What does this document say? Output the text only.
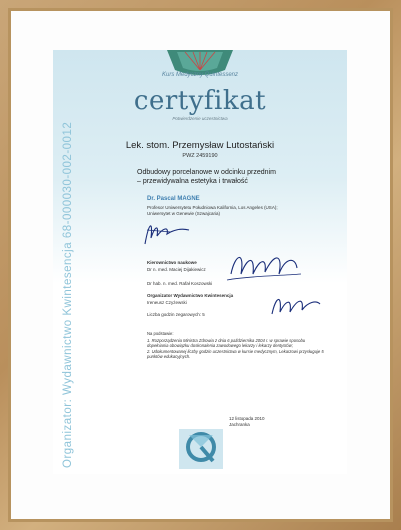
Kurs Medyczny Quintessenz
certyfikat
Potwierdzenie uczestnictwa
Lek. stom. Przemysław Lutostański
PWZ 2459190
Odbudowy porcelanowe w odcinku przednim
– przewidywalna estetyka i trwałość
Dr. Pascal MAGNE
Profesor Uniwersytetu Południowa Kalifornia, Los Angeles (USA);
Uniwersytet w Genewie (Szwajcaria)
Kierownictwo naukowe
Dr n. med. Maciej Dijakiewicz
Dr hab. n. med. Rafał Koszowski
Organizator Wydawnictwo Kwintesencja
Ireneusz Czyżewski
Liczba godzin zegarowych: 5
Na podstawie:
1. Rozporządzenia Ministra Zdrowia z dnia 6 października 2004 r. w sprawie sposobu dopełniania obowiązku doskonalenia zawodowego lekarzy i lekarzy dentystów;
2. Udokumentowanej liczby godzin uczestnictwa w kursie medycznym, Lekarzowi przysługuje 5 punktów edukacyjnych.
12 listopada 2010
Jachranka
Organizator: Wydawnictwo Kwintesencja 68-000030-002-0012
